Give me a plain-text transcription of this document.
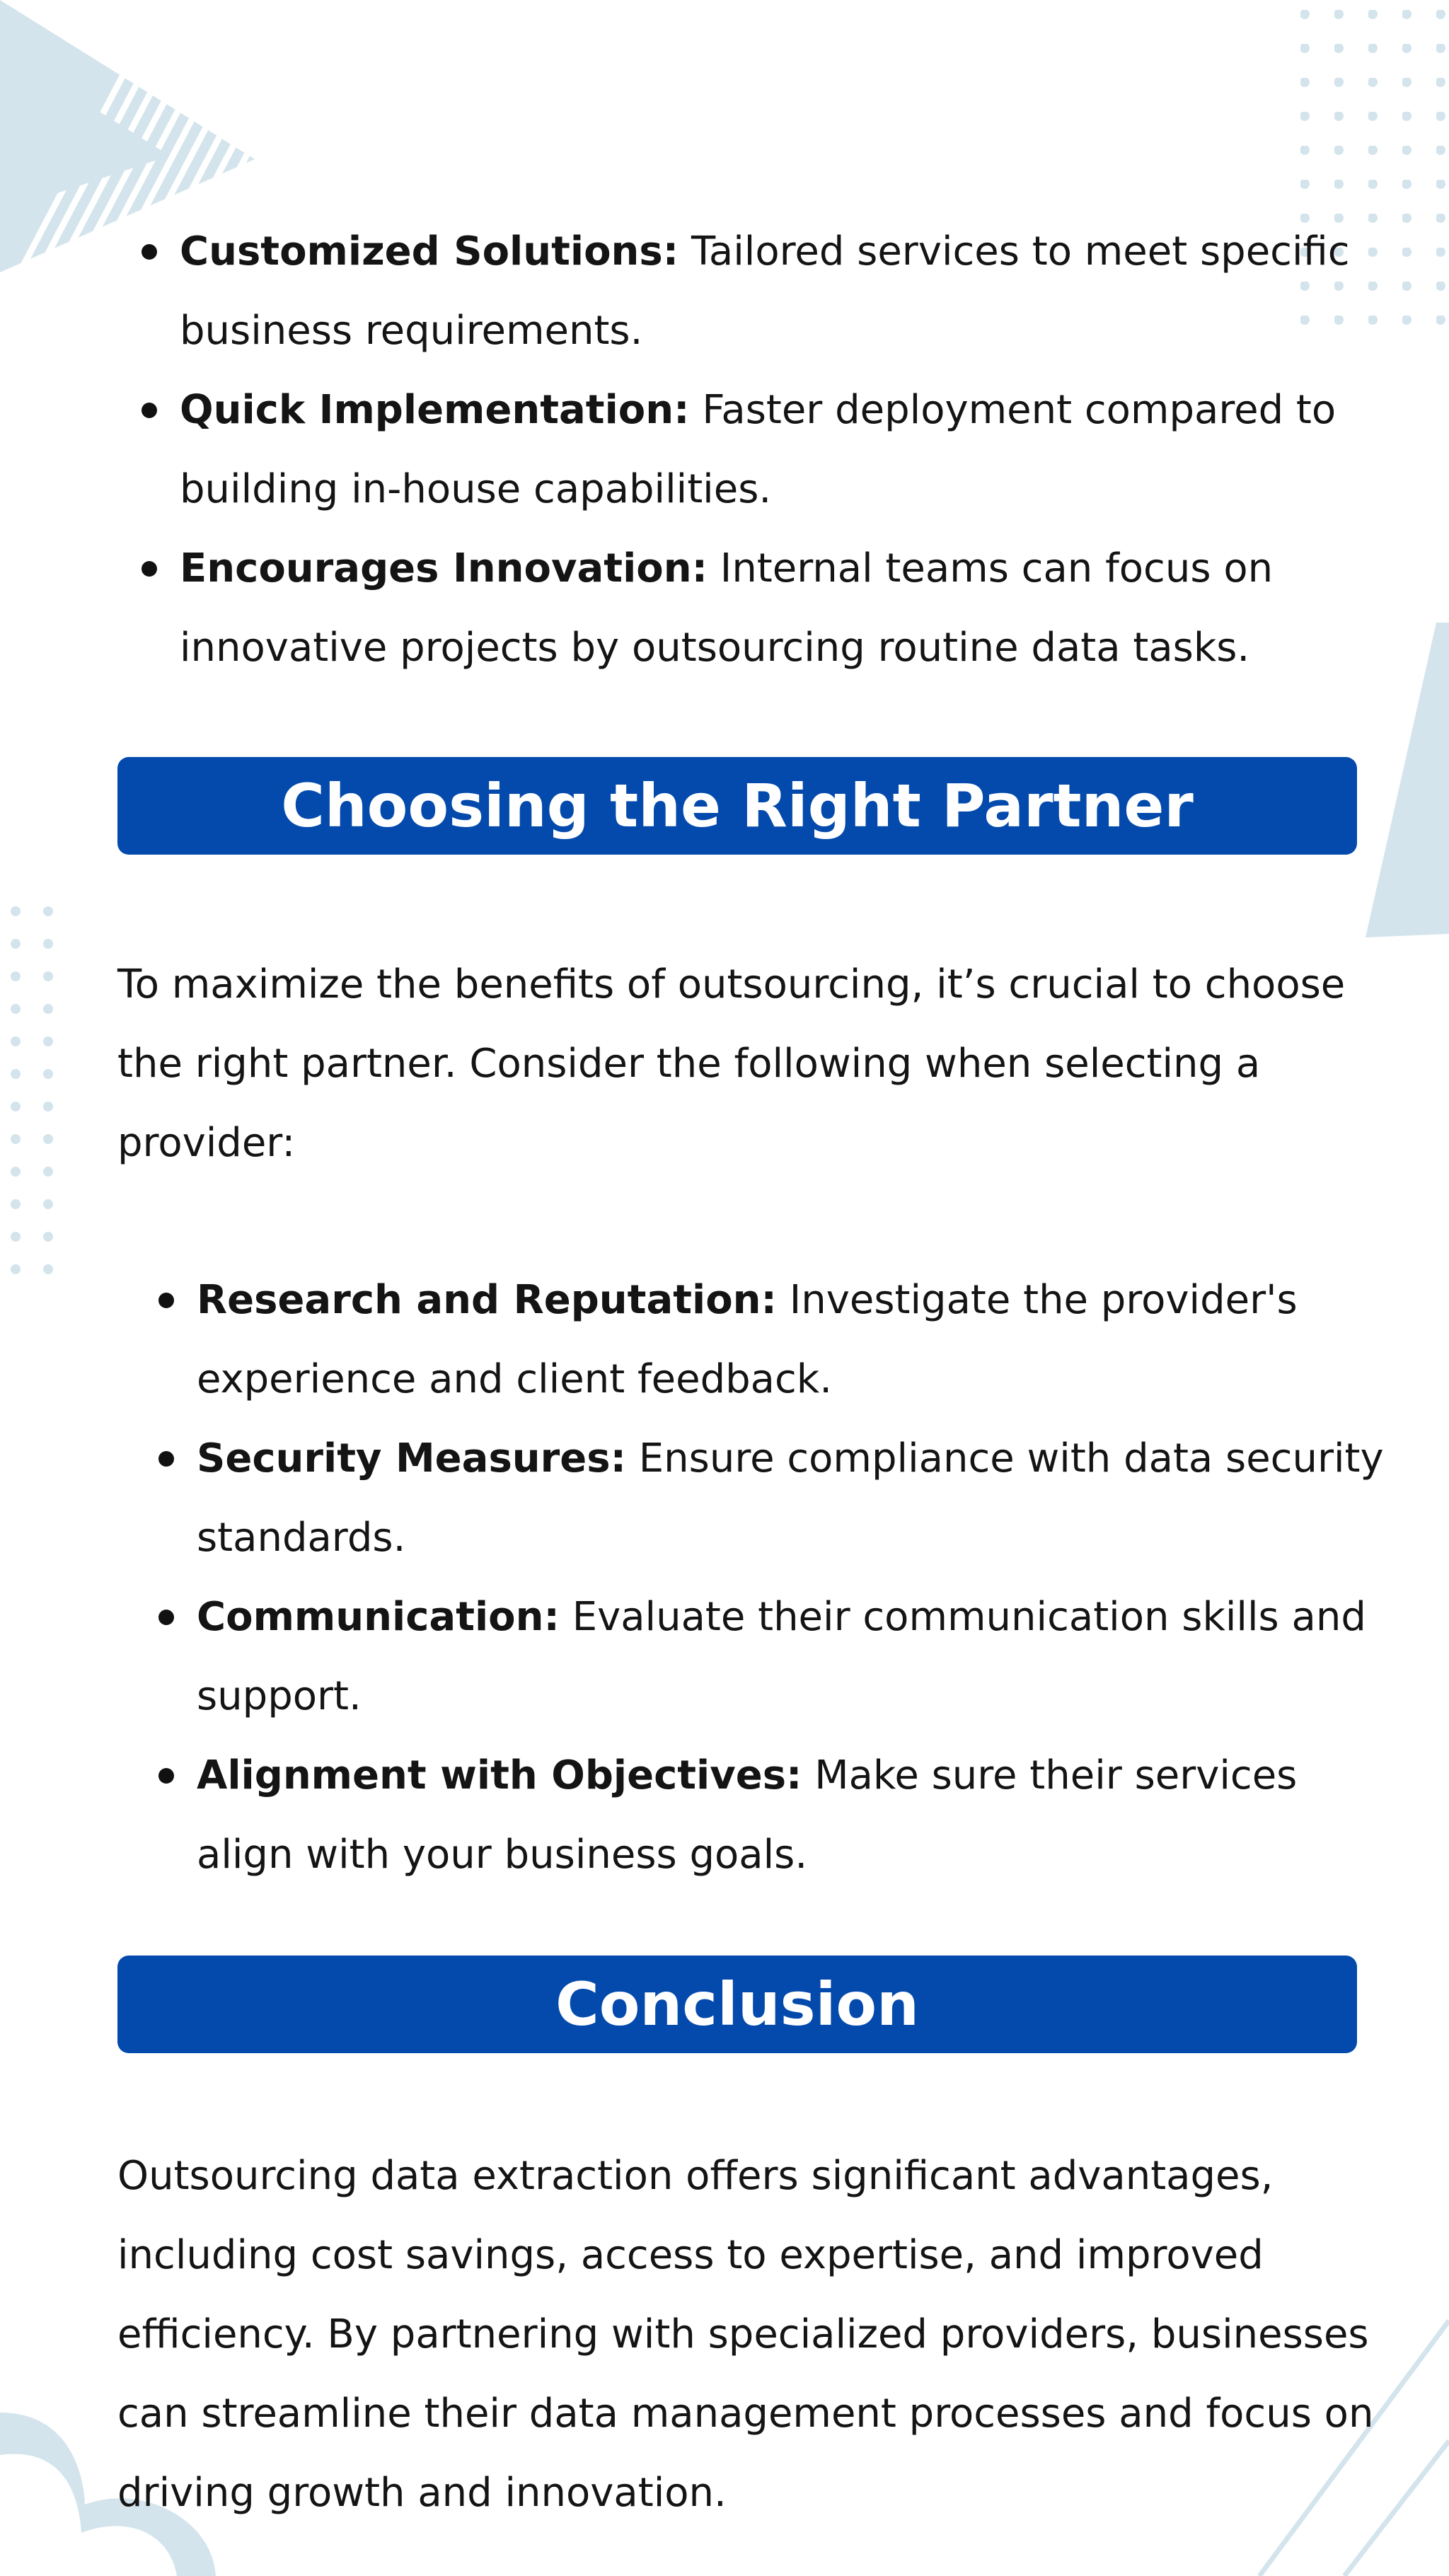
Customized Solutions: Tailored services to meet specific business requirements.
Quick Implementation: Faster deployment compared to building in-house capabilities.
Encourages Innovation: Internal teams can focus on innovative projects by outsourcing routine data tasks.
Choosing the Right Partner

To maximize the benefits of outsourcing, it’s crucial to choose the right partner. Consider the following when selecting a provider:

Research and Reputation: Investigate the provider's experience and client feedback.
Security Measures: Ensure compliance with data security standards.
Communication: Evaluate their communication skills and support.
Alignment with Objectives: Make sure their services align with your business goals.
Conclusion

Outsourcing data extraction offers significant advantages, including cost savings, access to expertise, and improved efficiency. By partnering with specialized providers, businesses can streamline their data management processes and focus on driving growth and innovation.
